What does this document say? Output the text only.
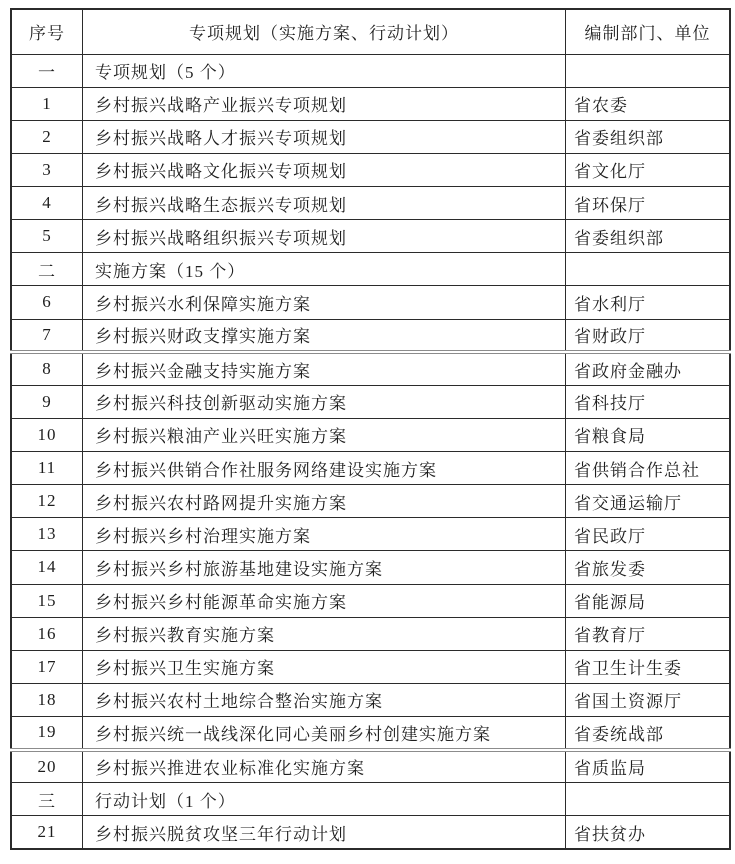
序号	专项规划（实施方案、行动计划）	编制部门、单位
一	专项规划（5 个）	
1	乡村振兴战略产业振兴专项规划	省农委
2	乡村振兴战略人才振兴专项规划	省委组织部
3	乡村振兴战略文化振兴专项规划	省文化厅
4	乡村振兴战略生态振兴专项规划	省环保厅
5	乡村振兴战略组织振兴专项规划	省委组织部
二	实施方案（15 个）	
6	乡村振兴水利保障实施方案	省水利厅
7	乡村振兴财政支撑实施方案	省财政厅
8	乡村振兴金融支持实施方案	省政府金融办
9	乡村振兴科技创新驱动实施方案	省科技厅
10	乡村振兴粮油产业兴旺实施方案	省粮食局
11	乡村振兴供销合作社服务网络建设实施方案	省供销合作总社
12	乡村振兴农村路网提升实施方案	省交通运输厅
13	乡村振兴乡村治理实施方案	省民政厅
14	乡村振兴乡村旅游基地建设实施方案	省旅发委
15	乡村振兴乡村能源革命实施方案	省能源局
16	乡村振兴教育实施方案	省教育厅
17	乡村振兴卫生实施方案	省卫生计生委
18	乡村振兴农村土地综合整治实施方案	省国土资源厅
19	乡村振兴统一战线深化同心美丽乡村创建实施方案	省委统战部
20	乡村振兴推进农业标准化实施方案	省质监局
三	行动计划（1 个）	
21	乡村振兴脱贫攻坚三年行动计划	省扶贫办
